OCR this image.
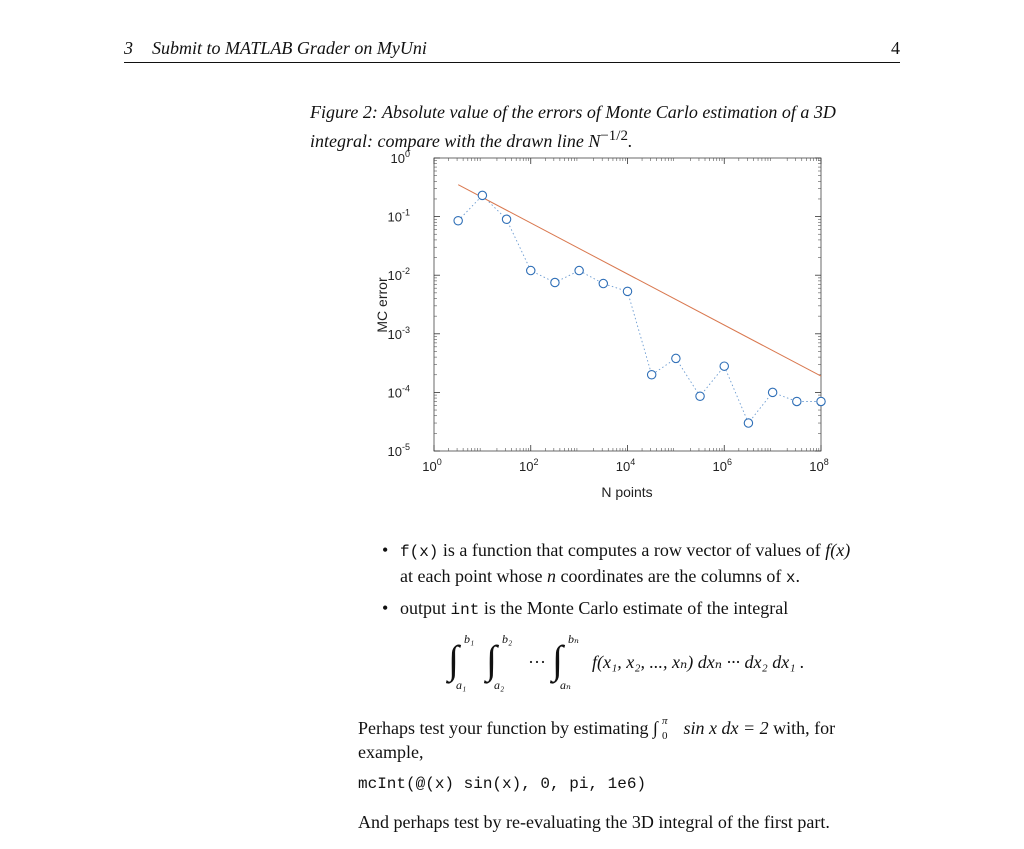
3 Submit to MATLAB Grader on MyUni	4
Figure 2: Absolute value of the errors of Monte Carlo estimation of a 3D
integral: compare with the drawn line $N^{-1/2}$.
$10^0$	$10^2$	$10^4$	$10^6$	$10^8$
$10^0$
$10^{-1}$
$10^{-2}$
$10^{-3}$
$10^{-4}$
$10^{-5}$
N points
MC error
• f(x) is a function that computes a row vector of values of f(x)
at each point whose n coordinates are the columns of x.
• output int is the Monte Carlo estimate of the integral
∫ b₁
a₁
∫ b₂
a₂
··· ∫ bₙ
aₙ
f(x₁, x₂, ..., xₙ) dxₙ ··· dx₂ dx₁ .
Perhaps test your function by estimating ∫ π
0 sin x dx = 2 with, for
example,
mcInt(@(x) sin(x), 0, pi, 1e6)
And perhaps test by re-evaluating the 3D integral of the first part.
